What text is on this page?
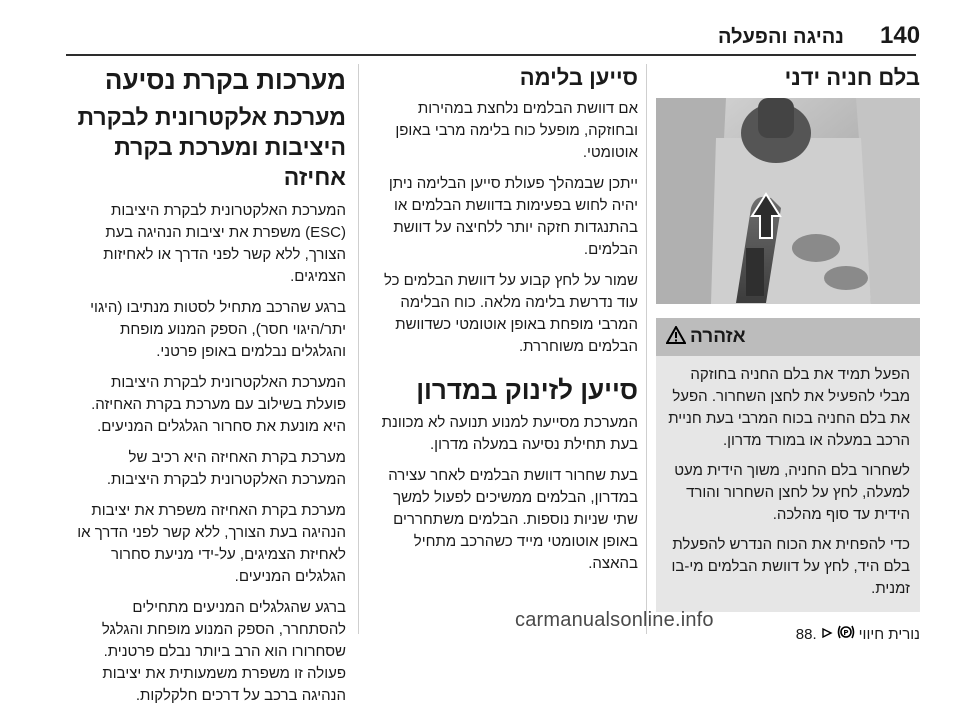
140
נהיגה והפעלה
בלם חניה ידני
אזהרה

הפעל תמיד את בלם החניה בחוזקה מבלי להפעיל את לחצן השחרור. הפעל את בלם החניה בכוח המרבי בעת חניית הרכב במעלה או במורד מדרון.

לשחרור בלם החניה, משוך הידית מעט למעלה, לחץ על לחצן השחרור והורד הידית עד סוף מהלכה.

כדי להפחית את הכוח הנדרש להפעלת בלם היד, לחץ על דוושת הבלמים מי-בו זמנית.

נורית חיווי
P
88.
סייען בלימה

אם דוושת הבלמים נלחצת במהירות ובחוזקה, מופעל כוח בלימה מרבי באופן אוטומטי.

ייתכן שבמהלך פעולת סייען הבלימה ניתן יהיה לחוש בפעימות בדוושת הבלמים או בהתנגדות חזקה יותר ללחיצה על דוושת הבלמים.

שמור על לחץ קבוע על דוושת הבלמים כל עוד נדרשת בלימה מלאה. כוח הבלימה המרבי מופחת באופן אוטומטי כשדוושת הבלמים משוחררת.

סייען לזינוק במדרון

המערכת מסייעת למנוע תנועה לא מכוונת בעת תחילת נסיעה במעלה מדרון.

בעת שחרור דוושת הבלמים לאחר עצירה במדרון, הבלמים ממשיכים לפעול למשך שתי שניות נוספות. הבלמים משתחררים באופן אוטומטי מייד כשהרכב מתחיל בהאצה.

מערכות בקרת נסיעה
מערכת אלקטרונית לבקרת היציבות ומערכת בקרת אחיזה

המערכת האלקטרונית לבקרת היציבות (ESC) משפרת את יציבות הנהיגה בעת הצורך, ללא קשר לפני הדרך או לאחיזות הצמיגים.

ברגע שהרכב מתחיל לסטות מנתיבו (היגוי יתר/היגוי חסר), הספק המנוע מופחת והגלגלים נבלמים באופן פרטני.

המערכת האלקטרונית לבקרת היציבות פועלת בשילוב עם מערכת בקרת האחיזה. היא מונעת את סחרור הגלגלים המניעים.

מערכת בקרת האחיזה היא רכיב של המערכת האלקטרונית לבקרת היציבות.

מערכת בקרת האחיזה משפרת את יציבות הנהיגה בעת הצורך, ללא קשר לפני הדרך או לאחיזת הצמיגים, על-ידי מניעת סחרור הגלגלים המניעים.

ברגע שהגלגלים המניעים מתחילים להסתחרר, הספק המנוע מופחת והגלגל שסחרורו הוא הרב ביותר נבלם פרטנית. פעולה זו משפרת משמעותית את יציבות הנהיגה ברכב על דרכים חלקלקות.

carmanualsonline.info
